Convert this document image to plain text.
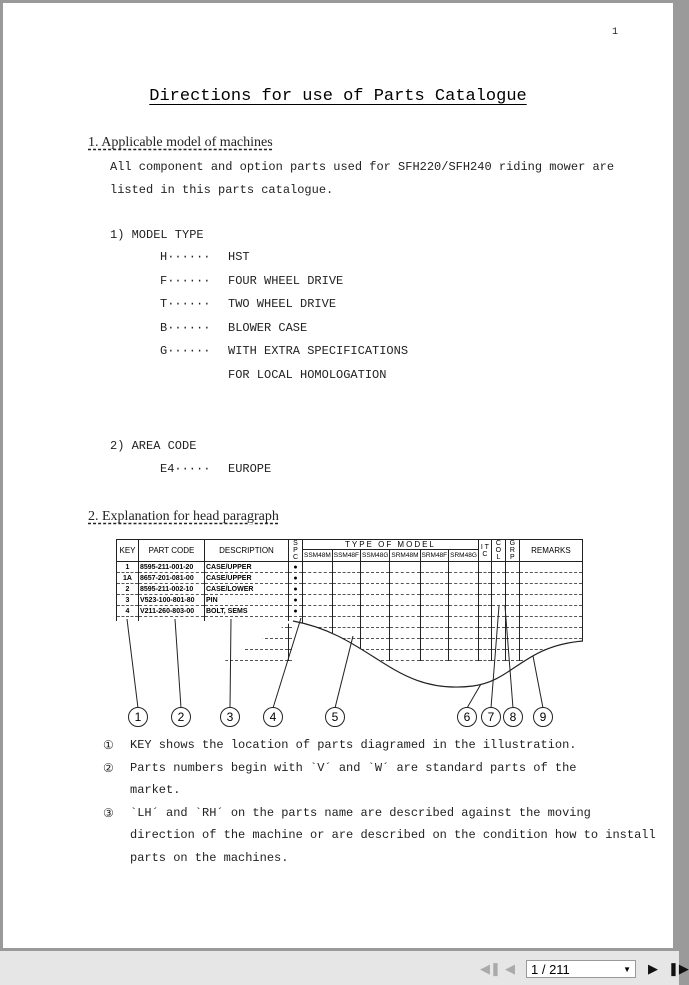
1
Directions for use of Parts Catalogue
1. Applicable model of machines
All component and option parts used for SFH220/SFH240 riding mower are
listed in this parts catalogue.
1) MODEL TYPE
2) AREA CODE
E4····· EUROPE
2. Explanation for head paragraph
KEY	PART CODE	DESCRIPTION	S P C	TYPE OF MODEL						I T C	C O L	G R P	REMARKS
				SSM48M	SSM48F	SSM48G	SRM48M	SRM48F	SRM48G				
1	8595-211-001-20	CASE/UPPER	●										
1A	8657-201-081-00	CASE/UPPER	●										
2	8595-211-002-10	CASE/LOWER	●										
3	V523-100-801-80	PIN	●										
4	V211-260-803-00	BOLT, SEMS	●										

1	2	3	4	5	6	7	8	9
① KEY shows the location of parts diagramed in the illustration.
② Parts numbers begin with `V´ and `W´ are standard parts of the
market.
③ `LH´ and `RH´ on the parts name are described against the moving
direction of the machine or are described on the condition how to install
parts on the machines.
H······ HST
F······ FOUR WHEEL DRIVE
T······ TWO WHEEL DRIVE
B······ BLOWER CASE
G······ WITH EXTRA SPECIFICATIONS
FOR LOCAL HOMOLOGATION
◀❚ ◀	1 / 211	▼ ▶ ❚▶
